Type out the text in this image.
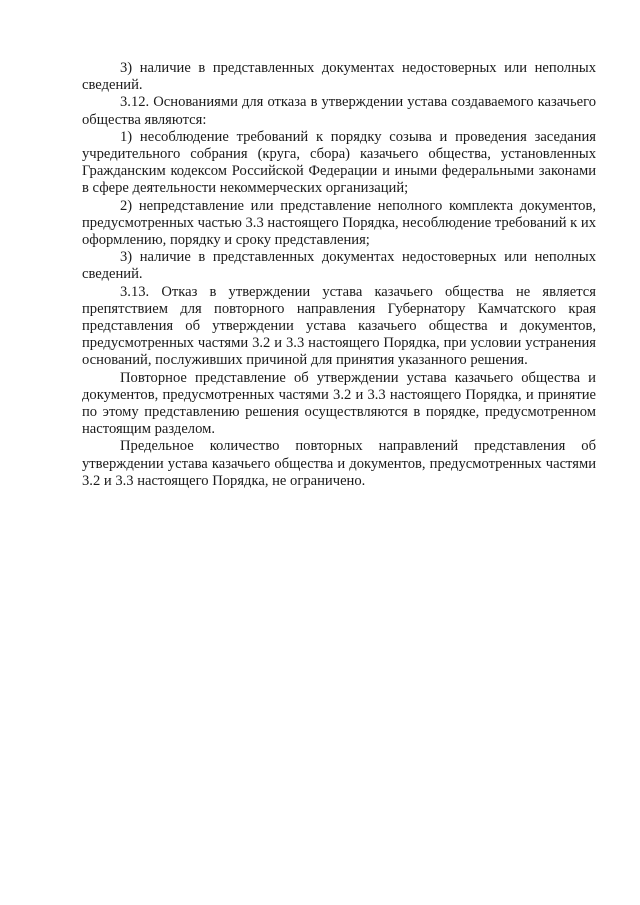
3) наличие в представленных документах недостоверных или неполных сведений.

3.12. Основаниями для отказа в утверждении устава создаваемого казачьего общества являются:

1) несоблюдение требований к порядку созыва и проведения заседания учредительного собрания (круга, сбора) казачьего общества, установленных Гражданским кодексом Российской Федерации и иными федеральными законами в сфере деятельности некоммерческих организаций;

2) непредставление или представление неполного комплекта документов, предусмотренных частью 3.3 настоящего Порядка, несоблюдение требований к их оформлению, порядку и сроку представления;

3) наличие в представленных документах недостоверных или неполных сведений.

3.13. Отказ в утверждении устава казачьего общества не является препятствием для повторного направления Губернатору Камчатского края представления об утверждении устава казачьего общества и документов, предусмотренных частями 3.2 и 3.3 настоящего Порядка, при условии устранения оснований, послуживших причиной для принятия указанного решения.

Повторное представление об утверждении устава казачьего общества и документов, предусмотренных частями 3.2 и 3.3 настоящего Порядка, и принятие по этому представлению решения осуществляются в порядке, предусмотренном настоящим разделом.

Предельное количество повторных направлений представления об утверждении устава казачьего общества и документов, предусмотренных частями 3.2 и 3.3 настоящего Порядка, не ограничено.
